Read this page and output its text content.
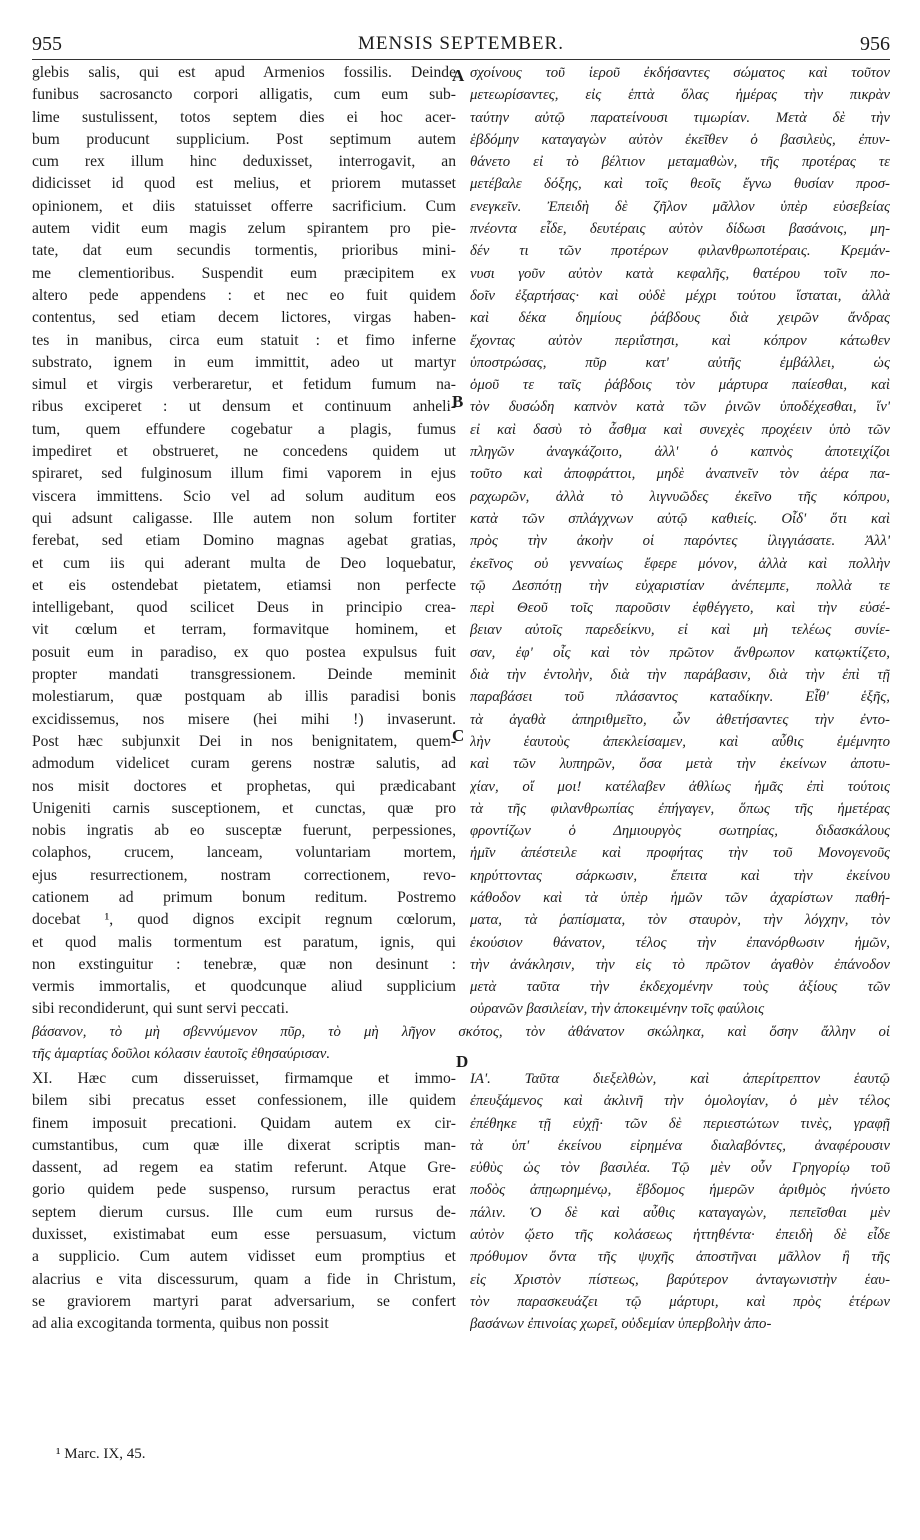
955	MENSIS SEPTEMBER.	956
glebis salis, qui est apud Armenios fossilis. Deinde
funibus sacrosancto corpori alligatis, cum eum sub-
lime sustulissent, totos septem dies ei hoc acer-
bum producunt supplicium. Post septimum autem
cum rex illum hinc deduxisset, interrogavit, an
didicisset id quod est melius, et priorem mutasset
opinionem, et diis statuisset offerre sacrificium. Cum
autem vidit eum magis zelum spirantem pro pie-
tate, dat eum secundis tormentis, prioribus mini-
me clementioribus. Suspendit eum præcipitem ex
altero pede appendens : et nec eo fuit quidem
contentus, sed etiam decem lictores, virgas haben-
tes in manibus, circa eum statuit : et fimo inferne
substrato, ignem in eum immittit, adeo ut martyr
simul et virgis verberaretur, et fetidum fumum na-
ribus exciperet : ut densum et continuum anheli-
tum, quem effundere cogebatur a plagis, fumus
impediret et obstrueret, ne concedens quidem ut
spiraret, sed fulginosum illum fimi vaporem in ejus
viscera immittens. Scio vel ad solum auditum eos
qui adsunt caligasse. Ille autem non solum fortiter
ferebat, sed etiam Domino magnas agebat gratias,
et cum iis qui aderant multa de Deo loquebatur,
et eis ostendebat pietatem, etiamsi non perfecte
intelligebant, quod scilicet Deus in principio crea-
vit cœlum et terram, formavitque hominem, et
posuit eum in paradiso, ex quo postea expulsus fuit
propter mandati transgressionem. Deinde meminit
molestiarum, quæ postquam ab illis paradisi bonis
excidissemus, nos misere (hei mihi !) invaserunt.
Post hæc subjunxit Dei in nos benignitatem, quem-
admodum videlicet curam gerens nostræ salutis, ad
nos misit doctores et prophetas, qui prædicabant
Unigeniti carnis susceptionem, et cunctas, quæ pro
nobis ingratis ab eo susceptæ fuerunt, perpessiones,
colaphos, crucem, lanceam, voluntariam mortem,
ejus resurrectionem, nostram correctionem, revo-
cationem ad primum bonum reditum. Postremo
docebat ¹, quod dignos excipit regnum cœlorum,
et quod malis tormentum est paratum, ignis, qui
non exstinguitur : tenebræ, quæ non desinunt :
vermis immortalis, et quodcunque aliud supplicium
sibi recondiderunt, qui sunt servi peccati.
σχοίνους τοῦ ἱεροῦ ἐκδήσαντες σώματος καὶ τοῦτον
μετεωρίσαντες, εἰς ἑπτὰ ὅλας ἡμέρας τὴν πικρὰν
ταύτην αὐτῷ παρατείνουσι τιμωρίαν. Μετὰ δὲ τὴν
ἑβδόμην καταγαγὼν αὐτὸν ἐκεῖθεν ὁ βασιλεὺς, ἐπυν-
θάνετο εἰ τὸ βέλτιον μεταμαθὼν, τῆς προτέρας τε
μετέβαλε δόξης, καὶ τοῖς θεοῖς ἔγνω θυσίαν προσ-
ενεγκεῖν. Ἐπειδὴ δὲ ζῆλον μᾶλλον ὑπὲρ εὐσεβείας
πνέοντα εἶδε, δευτέραις αὐτὸν δίδωσι βασάνοις, μη-
δέν τι τῶν προτέρων φιλανθρωποτέραις. Κρεμάν-
νυσι γοῦν αὐτὸν κατὰ κεφαλῆς, θατέρου τοῖν πο-
δοῖν ἐξαρτήσας· καὶ οὐδὲ μέχρι τούτου ἵσταται, ἀλλὰ
καὶ δέκα δημίους ῥάβδους διὰ χειρῶν ἄνδρας
ἔχοντας αὐτὸν περιΐστησι, καὶ κόπρον κάτωθεν
ὑποστρώσας, πῦρ κατ' αὐτῆς ἐμβάλλει, ὡς
ὁμοῦ τε ταῖς ῥάβδοις τὸν μάρτυρα παίεσθαι, καὶ
τὸν δυσώδη καπνὸν κατὰ τῶν ῥινῶν ὑποδέχεσθαι, ἵν'
εἰ καὶ δασὺ τὸ ἆσθμα καὶ συνεχὲς προχέειν ὑπὸ τῶν
πληγῶν ἀναγκάζοιτο, ἀλλ' ὁ καπνὸς ἀποτειχίζοι
τοῦτο καὶ ἀποφράττοι, μηδὲ ἀναπνεῖν τὸν ἀέρα πα-
ραχωρῶν, ἀλλὰ τὸ λιγνυῶδες ἐκεῖνο τῆς κόπρου,
κατὰ τῶν σπλάγχνων αὐτῷ καθιείς. Οἶδ' ὅτι καὶ
πρὸς τὴν ἀκοὴν οἱ παρόντες ἰλιγγιάσατε. Ἀλλ'
ἐκεῖνος οὐ γενναίως ἔφερε μόνον, ἀλλὰ καὶ πολλὴν
τῷ Δεσπότῃ τὴν εὐχαριστίαν ἀνέπεμπε, πολλὰ τε
περὶ Θεοῦ τοῖς παροῦσιν ἐφθέγγετο, καὶ τὴν εὐσέ-
βειαν αὐτοῖς παρεδείκνυ, εἰ καὶ μὴ τελέως συνίε-
σαν, ἐφ' οἷς καὶ τὸν πρῶτον ἄνθρωπον κατῳκτίζετο,
διὰ τὴν ἐντολὴν, διὰ τὴν παράβασιν, διὰ τὴν ἐπὶ τῇ
παραβάσει τοῦ πλάσαντος καταδίκην. Εἶθ' ἑξῆς,
τὰ ἀγαθὰ ἀπηριθμεῖτο, ὧν ἀθετήσαντες τὴν ἐντο-
λὴν ἑαυτοὺς ἀπεκλείσαμεν, καὶ αὖθις ἐμέμνητο
καὶ τῶν λυπηρῶν, ὅσα μετὰ τὴν ἐκείνων ἀποτυ-
χίαν, οἴ μοι! κατέλαβεν ἀθλίως ἡμᾶς ἐπὶ τούτοις
τὰ τῆς φιλανθρωπίας ἐπήγαγεν, ὅπως τῆς ἡμετέρας
φροντίζων ὁ Δημιουργὸς σωτηρίας, διδασκάλους
ἡμῖν ἀπέστειλε καὶ προφήτας τὴν τοῦ Μονογενοῦς
κηρύττοντας σάρκωσιν, ἔπειτα καὶ τὴν ἐκείνου
κάθοδον καὶ τὰ ὑπὲρ ἡμῶν τῶν ἀχαρίστων παθή-
ματα, τὰ ῥαπίσματα, τὸν σταυρὸν, τὴν λόγχην, τὸν
ἑκούσιον θάνατον, τέλος τὴν ἐπανόρθωσιν ἡμῶν,
τὴν ἀνάκλησιν, τὴν εἰς τὸ πρῶτον ἀγαθὸν ἐπάνοδον
μετὰ ταῦτα τὴν ἐκδεχομένην τοὺς ἀξίους τῶν
οὐρανῶν βασιλείαν, τὴν ἀποκειμένην τοῖς φαύλοις
βάσανον, τὸ μὴ σβεννύμενον πῦρ, τὸ μὴ λῆγον σκότος, τὸν ἀθάνατον σκώληκα, καὶ ὅσην ἄλλην οἱ
τῆς ἁμαρτίας δοῦλοι κόλασιν ἑαυτοῖς ἐθησαύρισαν.
XI. Hæc cum disseruisset, firmamque et immo-
bilem sibi precatus esset confessionem, ille quidem
finem imposuit precationi. Quidam autem ex cir-
cumstantibus, cum quæ ille dixerat scriptis man-
dassent, ad regem ea statim referunt. Atque Gre-
gorio quidem pede suspenso, rursum peractus erat
septem dierum cursus. Ille cum eum rursus de-
duxisset, existimabat eum esse persuasum, victum
a supplicio. Cum autem vidisset eum promptius et
alacrius e vita discessurum, quam a fide in Christum,
se graviorem martyri parat adversarium, se confert
ad alia excogitanda tormenta, quibus non possit
ΙΑ'. Ταῦτα διεξελθὼν, καὶ ἀπερίτρεπτον ἑαυτῷ
ἐπευξάμενος καὶ ἀκλινῆ τὴν ὁμολογίαν, ὁ μὲν τέλος
ἐπέθηκε τῇ εὐχῇ· τῶν δὲ περιεστώτων τινὲς, γραφῇ
τὰ ὑπ' ἐκείνου εἰρημένα διαλαβόντες, ἀναφέρουσιν
εὐθὺς ὡς τὸν βασιλέα. Τῷ μὲν οὖν Γρηγορίῳ τοῦ
ποδὸς ἀπῃωρημένῳ, ἕβδομος ἡμερῶν ἀριθμὸς ἠνύετο
πάλιν. Ὁ δὲ καὶ αὖθις καταγαγὼν, πεπεῖσθαι μὲν
αὐτὸν ᾤετο τῆς κολάσεως ἡττηθέντα· ἐπειδὴ δὲ εἶδε
πρόθυμον ὄντα τῆς ψυχῆς ἀποστῆναι μᾶλλον ἢ τῆς
εἰς Χριστὸν πίστεως, βαρύτερον ἀνταγωνιστὴν ἑαυ-
τὸν παρασκευάζει τῷ μάρτυρι, καὶ πρὸς ἑτέρων
βασάνων ἐπινοίας χωρεῖ, οὐδεμίαν ὑπερβολὴν ἀπο-
A
B
C
D
¹ Marc. IX, 45.
